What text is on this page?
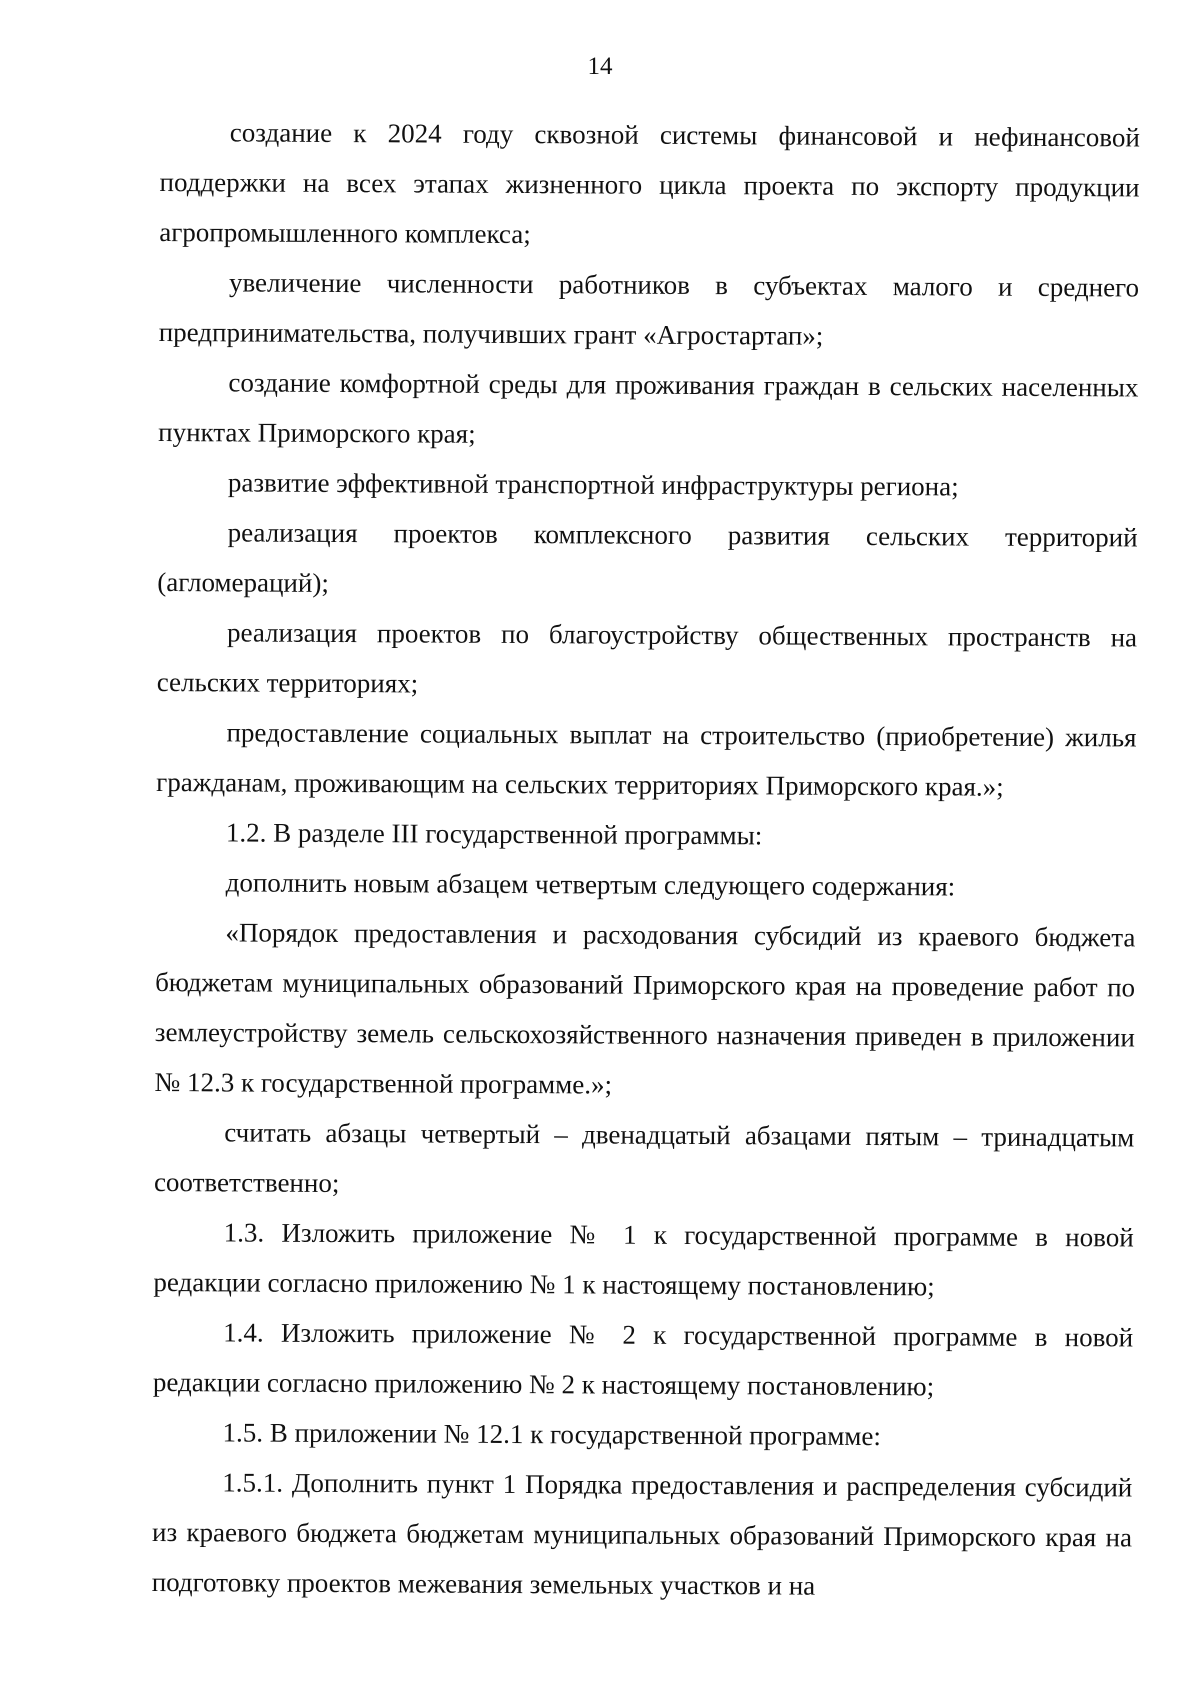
14

создание к 2024 году сквозной системы финансовой и нефинансовой поддержки на всех этапах жизненного цикла проекта по экспорту продукции агропромышленного комплекса;

увеличение численности работников в субъектах малого и среднего предпринимательства, получивших грант «Агростартап»;

создание комфортной среды для проживания граждан в сельских населенных пунктах Приморского края;

развитие эффективной транспортной инфраструктуры региона;

реализация проектов комплексного развития сельских территорий (агломераций);

реализация проектов по благоустройству общественных пространств на сельских территориях;

предоставление социальных выплат на строительство (приобретение) жилья гражданам, проживающим на сельских территориях Приморского края.»;

1.2. В разделе III государственной программы:

дополнить новым абзацем четвертым следующего содержания:

«Порядок предоставления и расходования субсидий из краевого бюджета бюджетам муниципальных образований Приморского края на проведение работ по землеустройству земель сельскохозяйственного назначения приведен в приложении № 12.3 к государственной программе.»;

считать абзацы четвертый – двенадцатый абзацами пятым – тринадцатым соответственно;

1.3. Изложить приложение № 1 к государственной программе в новой редакции согласно приложению № 1 к настоящему постановлению;

1.4. Изложить приложение № 2 к государственной программе в новой редакции согласно приложению № 2 к настоящему постановлению;

1.5. В приложении № 12.1 к государственной программе:

1.5.1. Дополнить пункт 1 Порядка предоставления и распределения субсидий из краевого бюджета бюджетам муниципальных образований Приморского края на подготовку проектов межевания земельных участков и на
